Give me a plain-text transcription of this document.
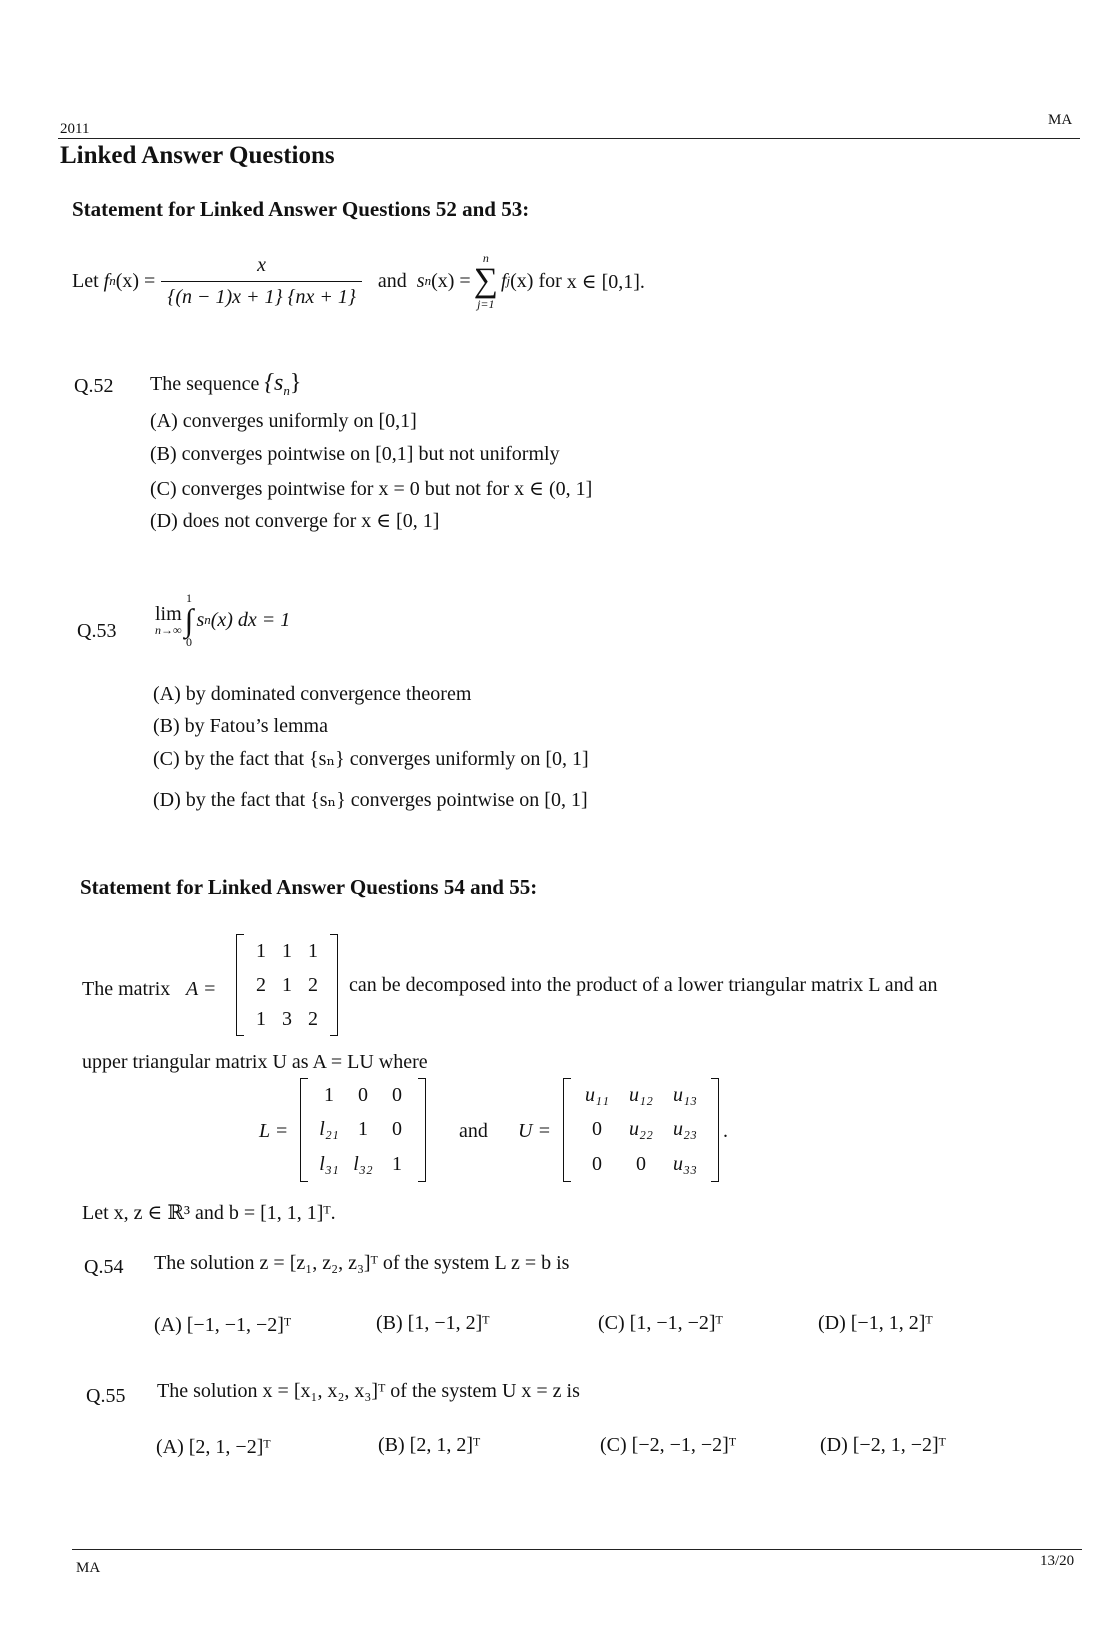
2011
MA
Linked Answer Questions
Statement for Linked Answer Questions 52 and 53:
Let
f n $(x) = \frac{x}{\{(n - 1)x + 1\} \{nx + 1\}}$
and
s n (x) =
n
∑
j=1
f j (x)
for
x ∈ [0,1].
Q.52 The sequence $\{s_n\}$
(A) converges uniformly on [0,1]
(B) converges pointwise on [0,1] but not uniformly
(C) converges pointwise for x = 0 but not for x ∈ (0, 1]
(D) does not converge for x ∈ [0, 1]
Q.53
lim
n→∞
1
∫
0
s n (x) dx = 1
(A) by dominated convergence theorem
(B) by Fatou’s lemma
(C) by the fact that {sₙ} converges uniformly on [0, 1]
(D) by the fact that {sₙ} converges pointwise on [0, 1]
Statement for Linked Answer Questions 54 and 55:
The matrix A =
1 1 1
2 1 2
1 3 2
can be decomposed into the product of a lower triangular matrix L and an
upper triangular matrix U as A = LU where
L =
1 0 0
l₂₁ 1 0
l₃₁ l₃₂ 1
and U =
u₁₁ u₁₂ u₁₃
0 u₂₂ u₂₃
0 0 u₃₃
.
Let x, z ∈ ℝ³ and b = [1, 1, 1]ᵀ.
Q.54 The solution z = [z₁, z₂, z₃]ᵀ of the system L z = b is
(A) [−1, −1, −2]ᵀ	(B) [1, −1, 2]ᵀ	(C) [1, −1, −2]ᵀ	(D) [−1, 1, 2]ᵀ
Q.55 The solution x = [x₁, x₂, x₃]ᵀ of the system U x = z is
(A) [2, 1, −2]ᵀ	(B) [2, 1, 2]ᵀ	(C) [−2, −1, −2]ᵀ	(D) [−2, 1, −2]ᵀ
MA	13/20
